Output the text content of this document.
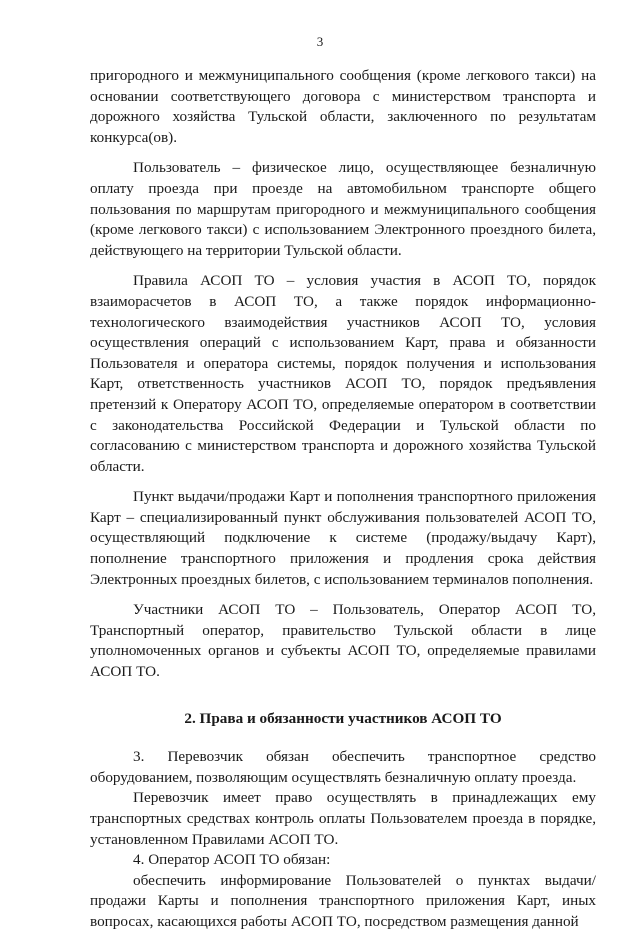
3

пригородного и межмуниципального сообщения (кроме легкового такси) на основании соответствующего договора с министерством транспорта и дорожного хозяйства Тульской области, заключенного по результатам конкурса(ов).

Пользователь – физическое лицо, осуществляющее безналичную оплату проезда при проезде на автомобильном транспорте общего пользования по маршрутам пригородного и межмуниципального сообщения (кроме легкового такси) с использованием Электронного проездного билета, действующего на территории Тульской области.

Правила АСОП ТО – условия участия в АСОП ТО, порядок взаиморасчетов в АСОП ТО, а также порядок информационно-технологического взаимодействия участников АСОП ТО, условия осуществления операций с использованием Карт, права и обязанности Пользователя и оператора системы, порядок получения и использования Карт, ответственность участников АСОП ТО, порядок предъявления претензий к Оператору АСОП ТО, определяемые оператором в соответствии с законодательства Российской Федерации и Тульской области по согласованию с министерством транспорта и дорожного хозяйства Тульской области.

Пункт выдачи/продажи Карт и пополнения транспортного приложения Карт – специализированный пункт обслуживания пользователей АСОП ТО, осуществляющий подключение к системе (продажу/выдачу Карт), пополнение транспортного приложения и продления срока действия Электронных проездных билетов, с использованием терминалов пополнения.

Участники АСОП ТО – Пользователь, Оператор АСОП ТО, Транспортный оператор, правительство Тульской области в лице уполномоченных органов и субъекты АСОП ТО, определяемые правилами АСОП ТО.

2. Права и обязанности участников АСОП ТО

3. Перевозчик обязан обеспечить транспортное средство оборудованием, позволяющим осуществлять безналичную оплату проезда.

Перевозчик имеет право осуществлять в принадлежащих ему транспортных средствах контроль оплаты Пользователем проезда в порядке, установленном Правилами АСОП ТО.

4. Оператор АСОП ТО обязан:

обеспечить информирование Пользователей о пунктах выдачи/продажи Карты и пополнения транспортного приложения Карт, иных вопросах, касающихся работы АСОП ТО, посредством размещения данной
